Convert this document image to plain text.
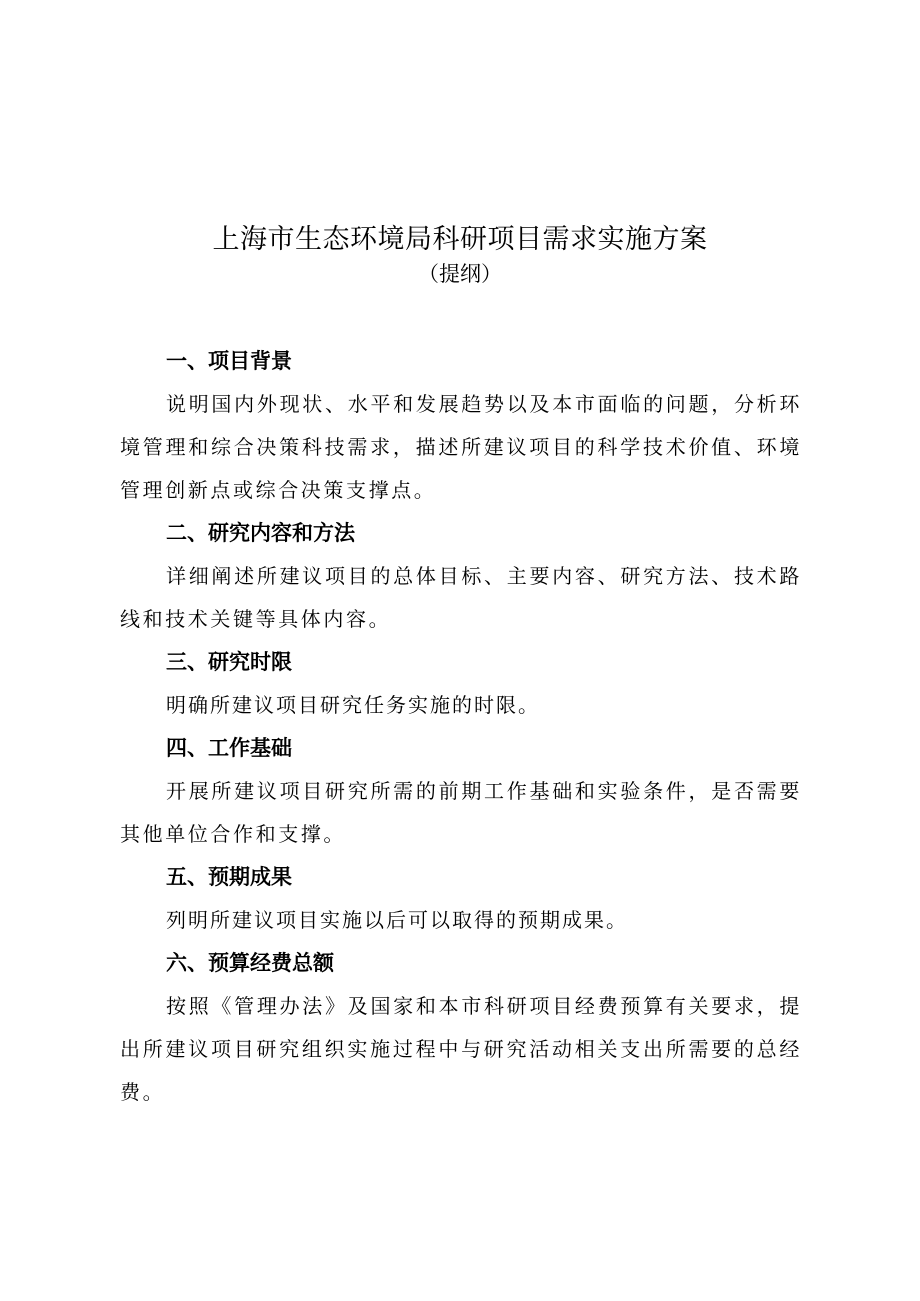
上海市生态环境局科研项目需求实施方案
（提纲）
一、项目背景

说明国内外现状、水平和发展趋势以及本市面临的问题，分析环境管理和综合决策科技需求，描述所建议项目的科学技术价值、环境管理创新点或综合决策支撑点。

二、研究内容和方法

详细阐述所建议项目的总体目标、主要内容、研究方法、技术路线和技术关键等具体内容。

三、研究时限

明确所建议项目研究任务实施的时限。

四、工作基础

开展所建议项目研究所需的前期工作基础和实验条件，是否需要其他单位合作和支撑。

五、预期成果

列明所建议项目实施以后可以取得的预期成果。

六、预算经费总额

按照《管理办法》及国家和本市科研项目经费预算有关要求，提出所建议项目研究组织实施过程中与研究活动相关支出所需要的总经费。
